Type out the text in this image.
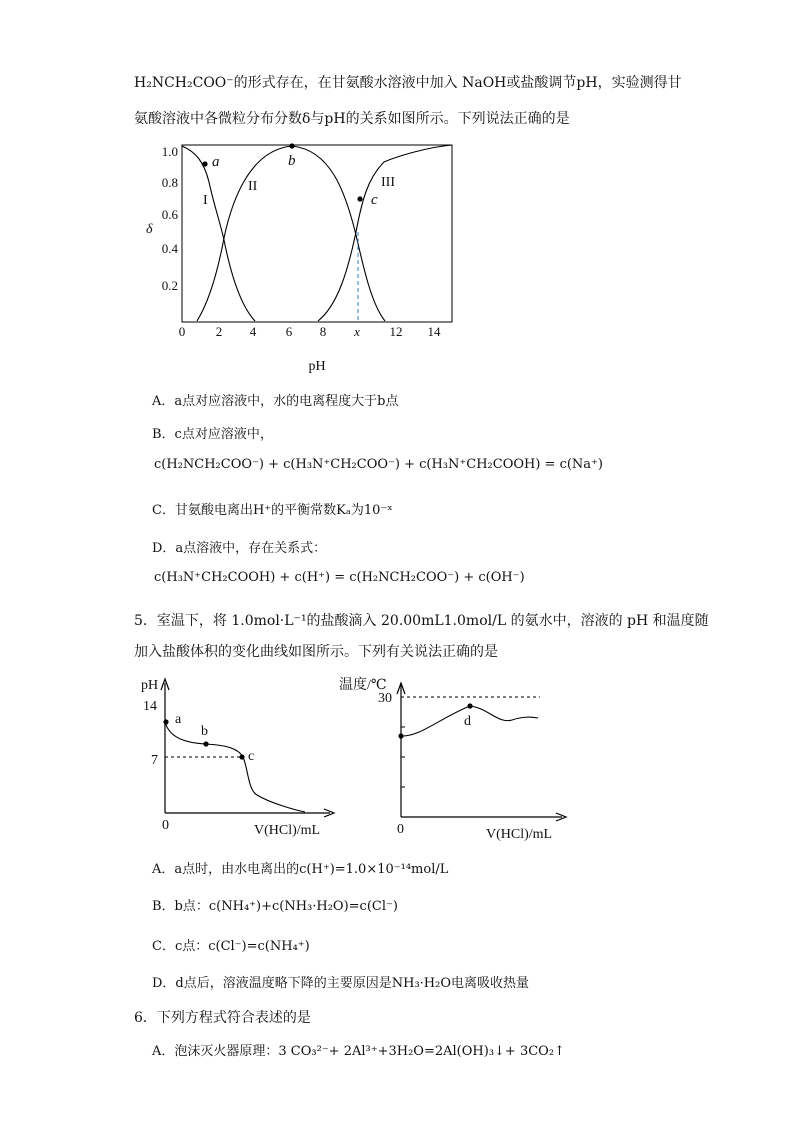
H₂NCH₂COO⁻的形式存在，在甘氨酸水溶液中加入 NaOH或盐酸调节pH，实验测得甘
氨酸溶液中各微粒分布分数δ与pH的关系如图所示。下列说法正确的是
1.0
0.8
0.6
0.4
0.2
δ
0 2 4 6 8 x 12 14
pH
a	b
c
I
II	III
A．a点对应溶液中，水的电离程度大于b点
B．c点对应溶液中，
c(H₂NCH₂COO⁻) + c(H₃N⁺CH₂COO⁻) + c(H₃N⁺CH₂COOH) = c(Na⁺)
C．甘氨酸电离出H⁺的平衡常数Kₐ为10⁻ˣ
D．a点溶液中，存在关系式：
c(H₃N⁺CH₂COOH) + c(H⁺) = c(H₂NCH₂COO⁻) + c(OH⁻)
5．室温下，将 1.0mol·L⁻¹的盐酸滴入 20.00mL1.0mol/L 的氨水中，溶液的 pH 和温度随
加入盐酸体积的变化曲线如图所示。下列有关说法正确的是
pH
14
7
0	V(HCl)/mL
a
b
c
温度/℃
30
0	V(HCl)/mL
d
A．a点时，由水电离出的c(H⁺)=1.0×10⁻¹⁴mol/L
B．b点：c(NH₄⁺)+c(NH₃·H₂O)=c(Cl⁻)
C．c点：c(Cl⁻)=c(NH₄⁺)
D．d点后，溶液温度略下降的主要原因是NH₃·H₂O电离吸收热量
6．下列方程式符合表述的是
A．泡沫灭火器原理：3 CO₃²⁻+ 2Al³⁺+3H₂O=2Al(OH)₃↓+ 3CO₂↑
